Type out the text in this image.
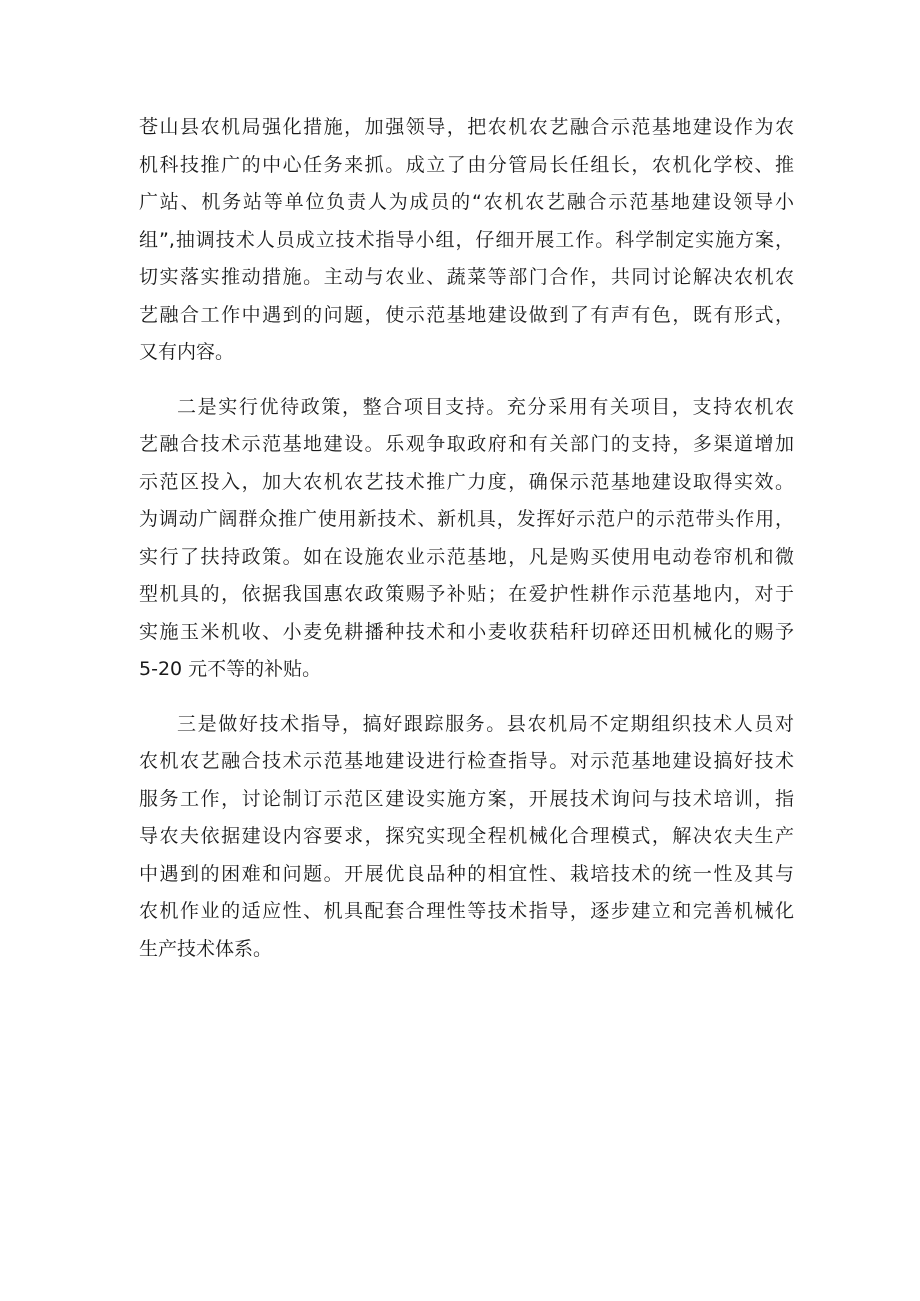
苍山县农机局强化措施，加强领导，把农机农艺融合示范基地建设作为农
机科技推广的中心任务来抓。成立了由分管局长任组长，农机化学校、推
广站、机务站等单位负责人为成员的“农机农艺融合示范基地建设领导小
组”,抽调技术人员成立技术指导小组，仔细开展工作。科学制定实施方案，
切实落实推动措施。主动与农业、蔬菜等部门合作，共同讨论解决农机农
艺融合工作中遇到的问题，使示范基地建设做到了有声有色，既有形式，
又有内容。
二是实行优待政策，整合项目支持。充分采用有关项目，支持农机农
艺融合技术示范基地建设。乐观争取政府和有关部门的支持，多渠道增加
示范区投入，加大农机农艺技术推广力度，确保示范基地建设取得实效。
为调动广阔群众推广使用新技术、新机具，发挥好示范户的示范带头作用，
实行了扶持政策。如在设施农业示范基地，凡是购买使用电动卷帘机和微
型机具的，依据我国惠农政策赐予补贴；在爱护性耕作示范基地内，对于
实施玉米机收、小麦免耕播种技术和小麦收获秸秆切碎还田机械化的赐予
5-20 元不等的补贴。
三是做好技术指导，搞好跟踪服务。县农机局不定期组织技术人员对
农机农艺融合技术示范基地建设进行检查指导。对示范基地建设搞好技术
服务工作，讨论制订示范区建设实施方案，开展技术询问与技术培训，指
导农夫依据建设内容要求，探究实现全程机械化合理模式，解决农夫生产
中遇到的困难和问题。开展优良品种的相宜性、栽培技术的统一性及其与
农机作业的适应性、机具配套合理性等技术指导，逐步建立和完善机械化
生产技术体系。
